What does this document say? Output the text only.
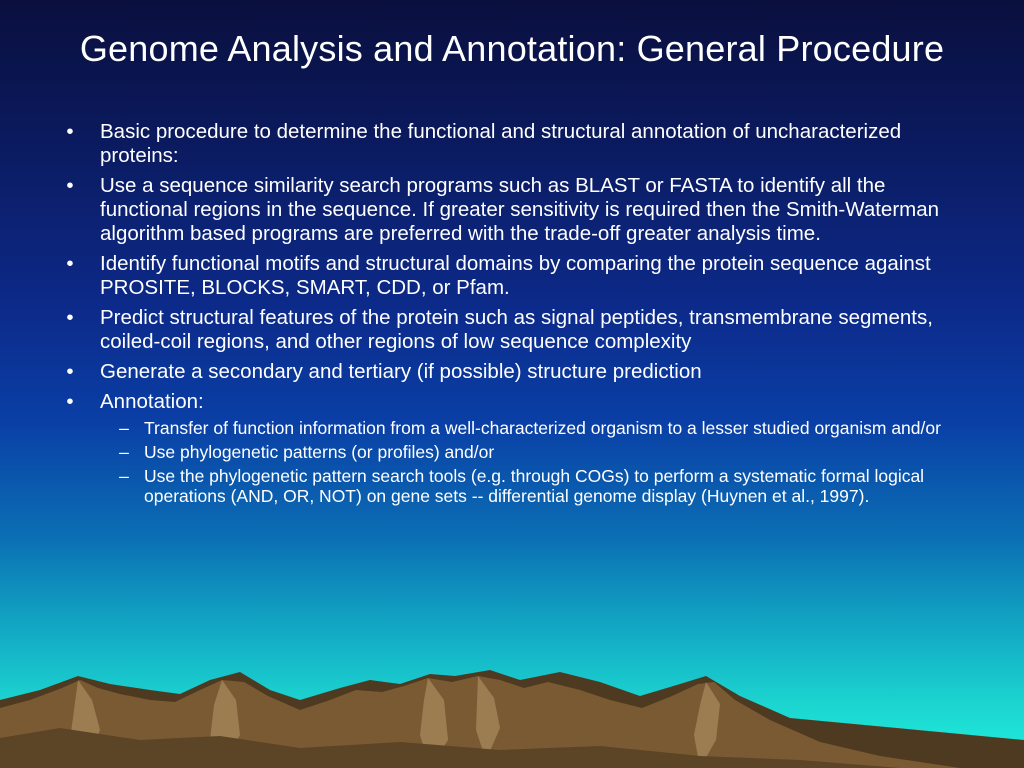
Genome Analysis and Annotation: General Procedure
•	Basic procedure to determine the functional and structural annotation of uncharacterized proteins:
•	Use a sequence similarity search programs such as BLAST or FASTA to identify all the functional regions in the sequence. If greater sensitivity is required then the Smith-Waterman algorithm based programs are preferred with the trade-off greater analysis time.
•	Identify functional motifs and structural domains by comparing the protein sequence against PROSITE, BLOCKS, SMART, CDD, or Pfam.
•	Predict structural features of the protein such as signal peptides, transmembrane segments, coiled-coil regions, and other regions of low sequence complexity
•	Generate a secondary and tertiary (if possible) structure prediction
•	Annotation:
– Transfer of function information from a well-characterized organism to a lesser studied organism and/or
– Use phylogenetic patterns (or profiles) and/or
– Use the phylogenetic pattern search tools (e.g. through COGs) to perform a systematic formal logical operations (AND, OR, NOT) on gene sets -- differential genome display (Huynen et al., 1997).
